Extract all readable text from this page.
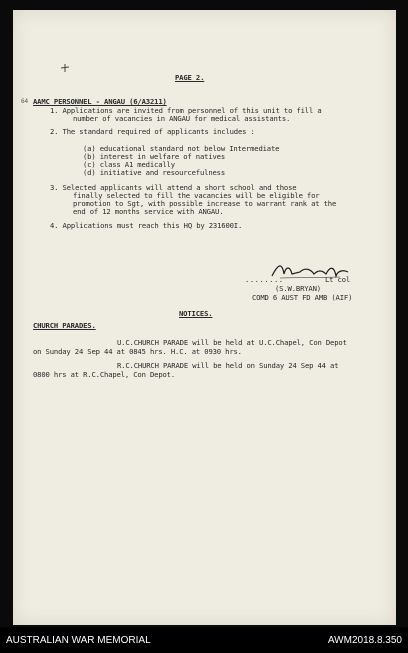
PAGE 2.
64 AAMC PERSONNEL - ANGAU (6/A3211)
1. Applications are invited from personnel of this unit to fill a
number of vacancies in ANGAU for medical assistants.
2. The standard required of applicants includes :
(a) educational standard not below Intermediate
(b) interest in welfare of natives
(c) class A1 medically
(d) initiative and resourcefulness
3. Selected applicants will attend a short school and those
finally selected to fill the vacancies will be eligible for
promotion to Sgt, with possible increase to warrant rank at the
end of 12 months service with ANGAU.
4. Applications must reach this HQ by 231600I.
........	Lt col
(S.W.BRYAN)
COMD 6 AUST FD AMB (AIF)
NOTICES.
CHURCH PARADES.
U.C.CHURCH PARADE will be held at U.C.Chapel, Con Depot
on Sunday 24 Sep 44 at 0845 hrs. H.C. at 0930 hrs.
R.C.CHURCH PARADE will be held on Sunday 24 Sep 44 at
0800 hrs at R.C.Chapel, Con Depot.
AUSTRALIAN WAR MEMORIAL	AWM2018.8.350
